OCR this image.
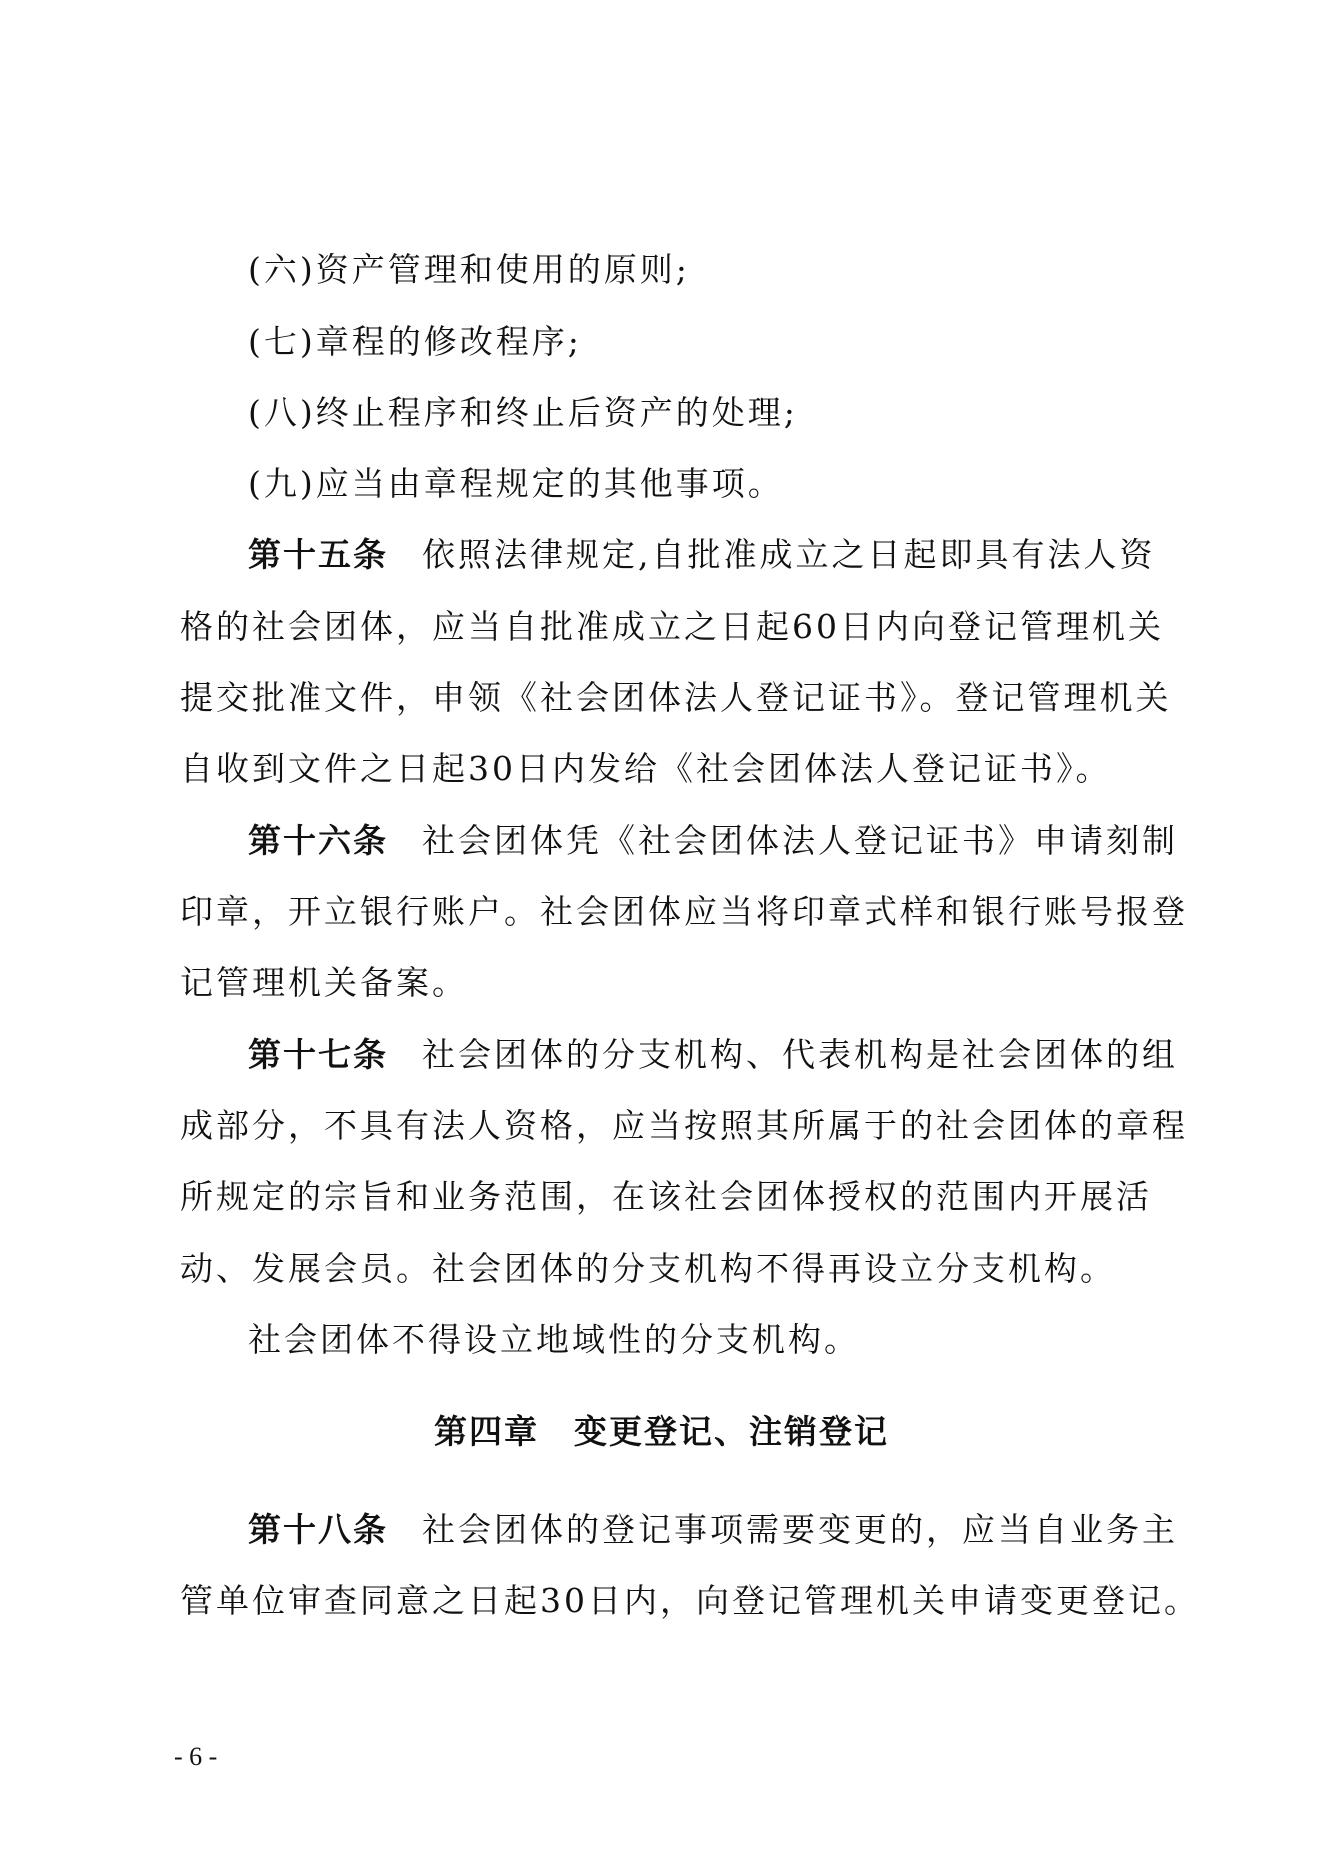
(六)资产管理和使用的原则;
(七)章程的修改程序;
(八)终止程序和终止后资产的处理;
(九)应当由章程规定的其他事项。
第十五条 依照法律规定,自批准成立之日起即具有法人资
格的社会团体，应当自批准成立之日起60日内向登记管理机关
提交批准文件，申领《社会团体法人登记证书》。登记管理机关
自收到文件之日起30日内发给《社会团体法人登记证书》。
第十六条 社会团体凭《社会团体法人登记证书》申请刻制
印章，开立银行账户。社会团体应当将印章式样和银行账号报登
记管理机关备案。
第十七条 社会团体的分支机构、代表机构是社会团体的组
成部分，不具有法人资格，应当按照其所属于的社会团体的章程
所规定的宗旨和业务范围，在该社会团体授权的范围内开展活
动、发展会员。社会团体的分支机构不得再设立分支机构。
社会团体不得设立地域性的分支机构。
第四章　变更登记、注销登记
第十八条 社会团体的登记事项需要变更的，应当自业务主
管单位审查同意之日起30日内，向登记管理机关申请变更登记。
- 6 -
